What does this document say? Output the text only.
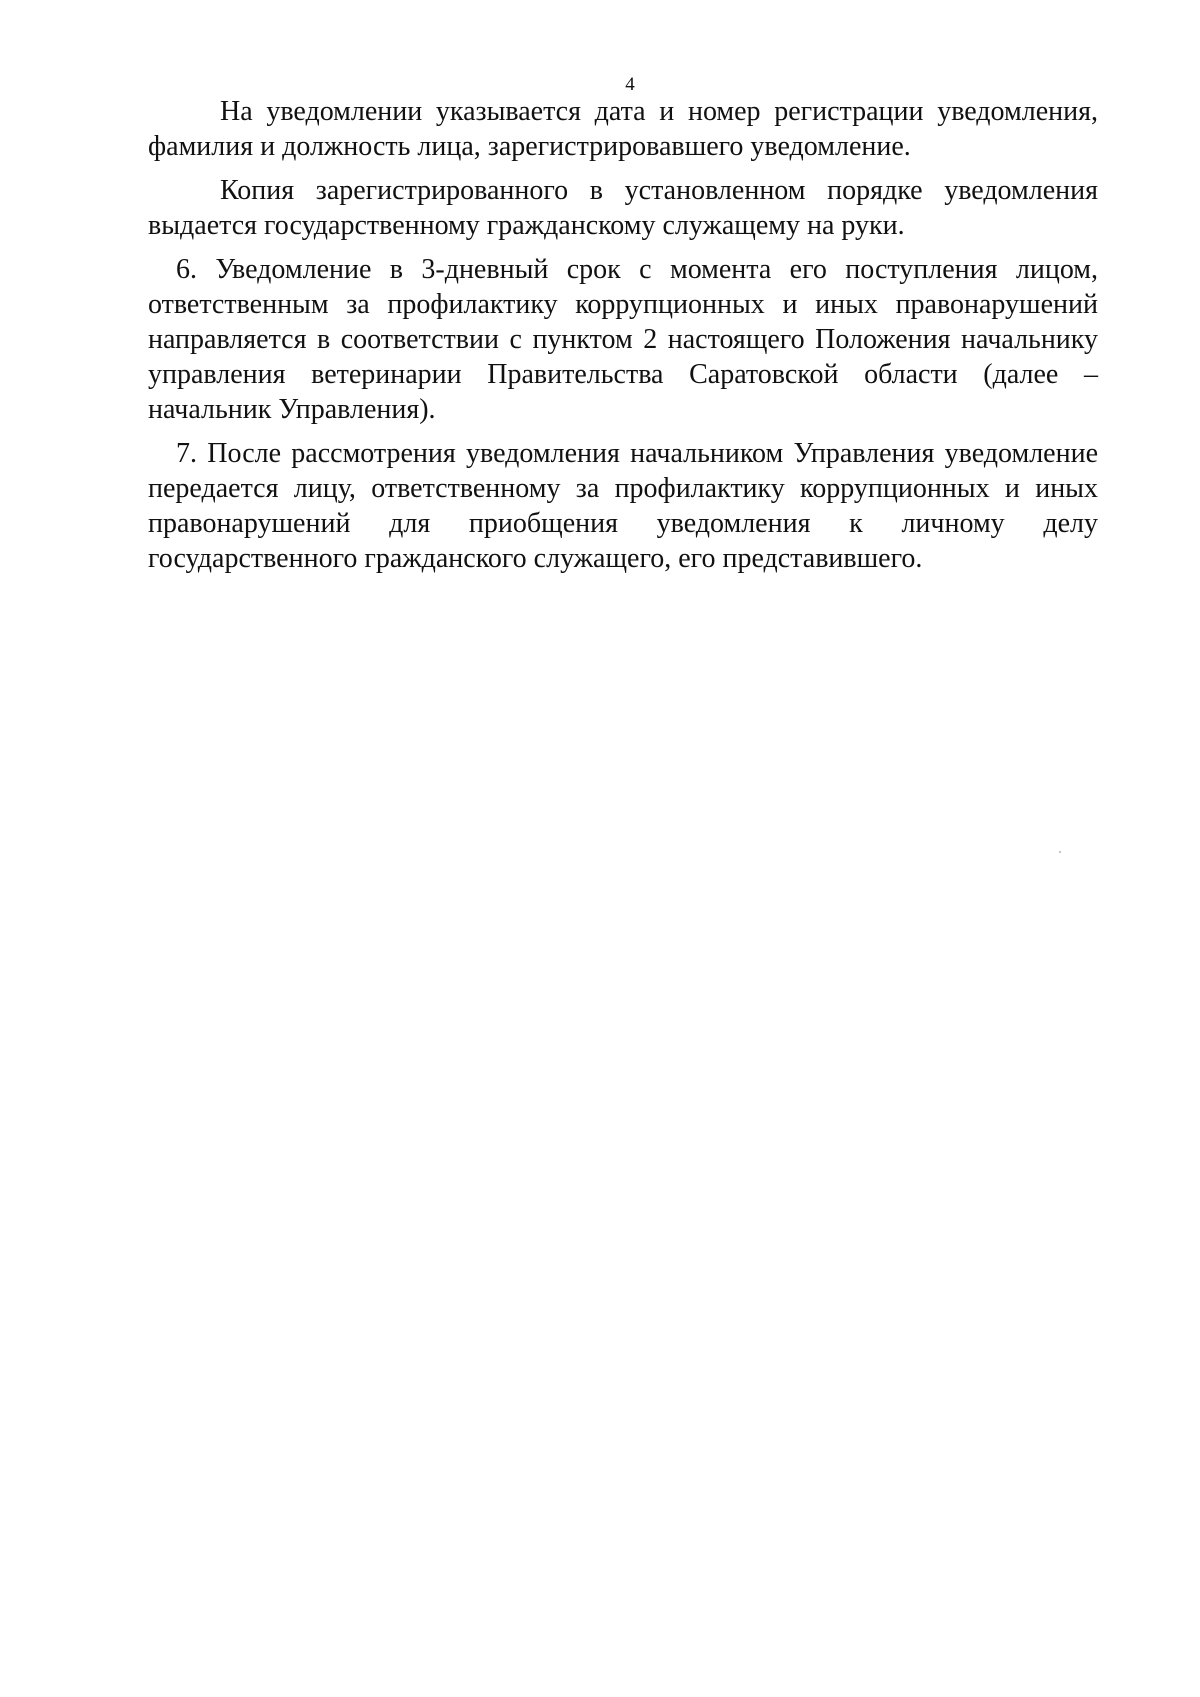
4

На уведомлении указывается дата и номер регистрации уведомления, фамилия и должность лица, зарегистрировавшего уведомление.

Копия зарегистрированного в установленном порядке уведомления выдается государственному гражданскому служащему на руки.

6. Уведомление в 3-дневный срок с момента его поступления лицом, ответственным за профилактику коррупционных и иных правонарушений направляется в соответствии с пунктом 2 настоящего Положения начальнику управления ветеринарии Правительства Саратовской области (далее – начальник Управления).

7. После рассмотрения уведомления начальником Управления уведомление передается лицу, ответственному за профилактику коррупционных и иных правонарушений для приобщения уведомления к личному делу государственного гражданского служащего, его представившего.
